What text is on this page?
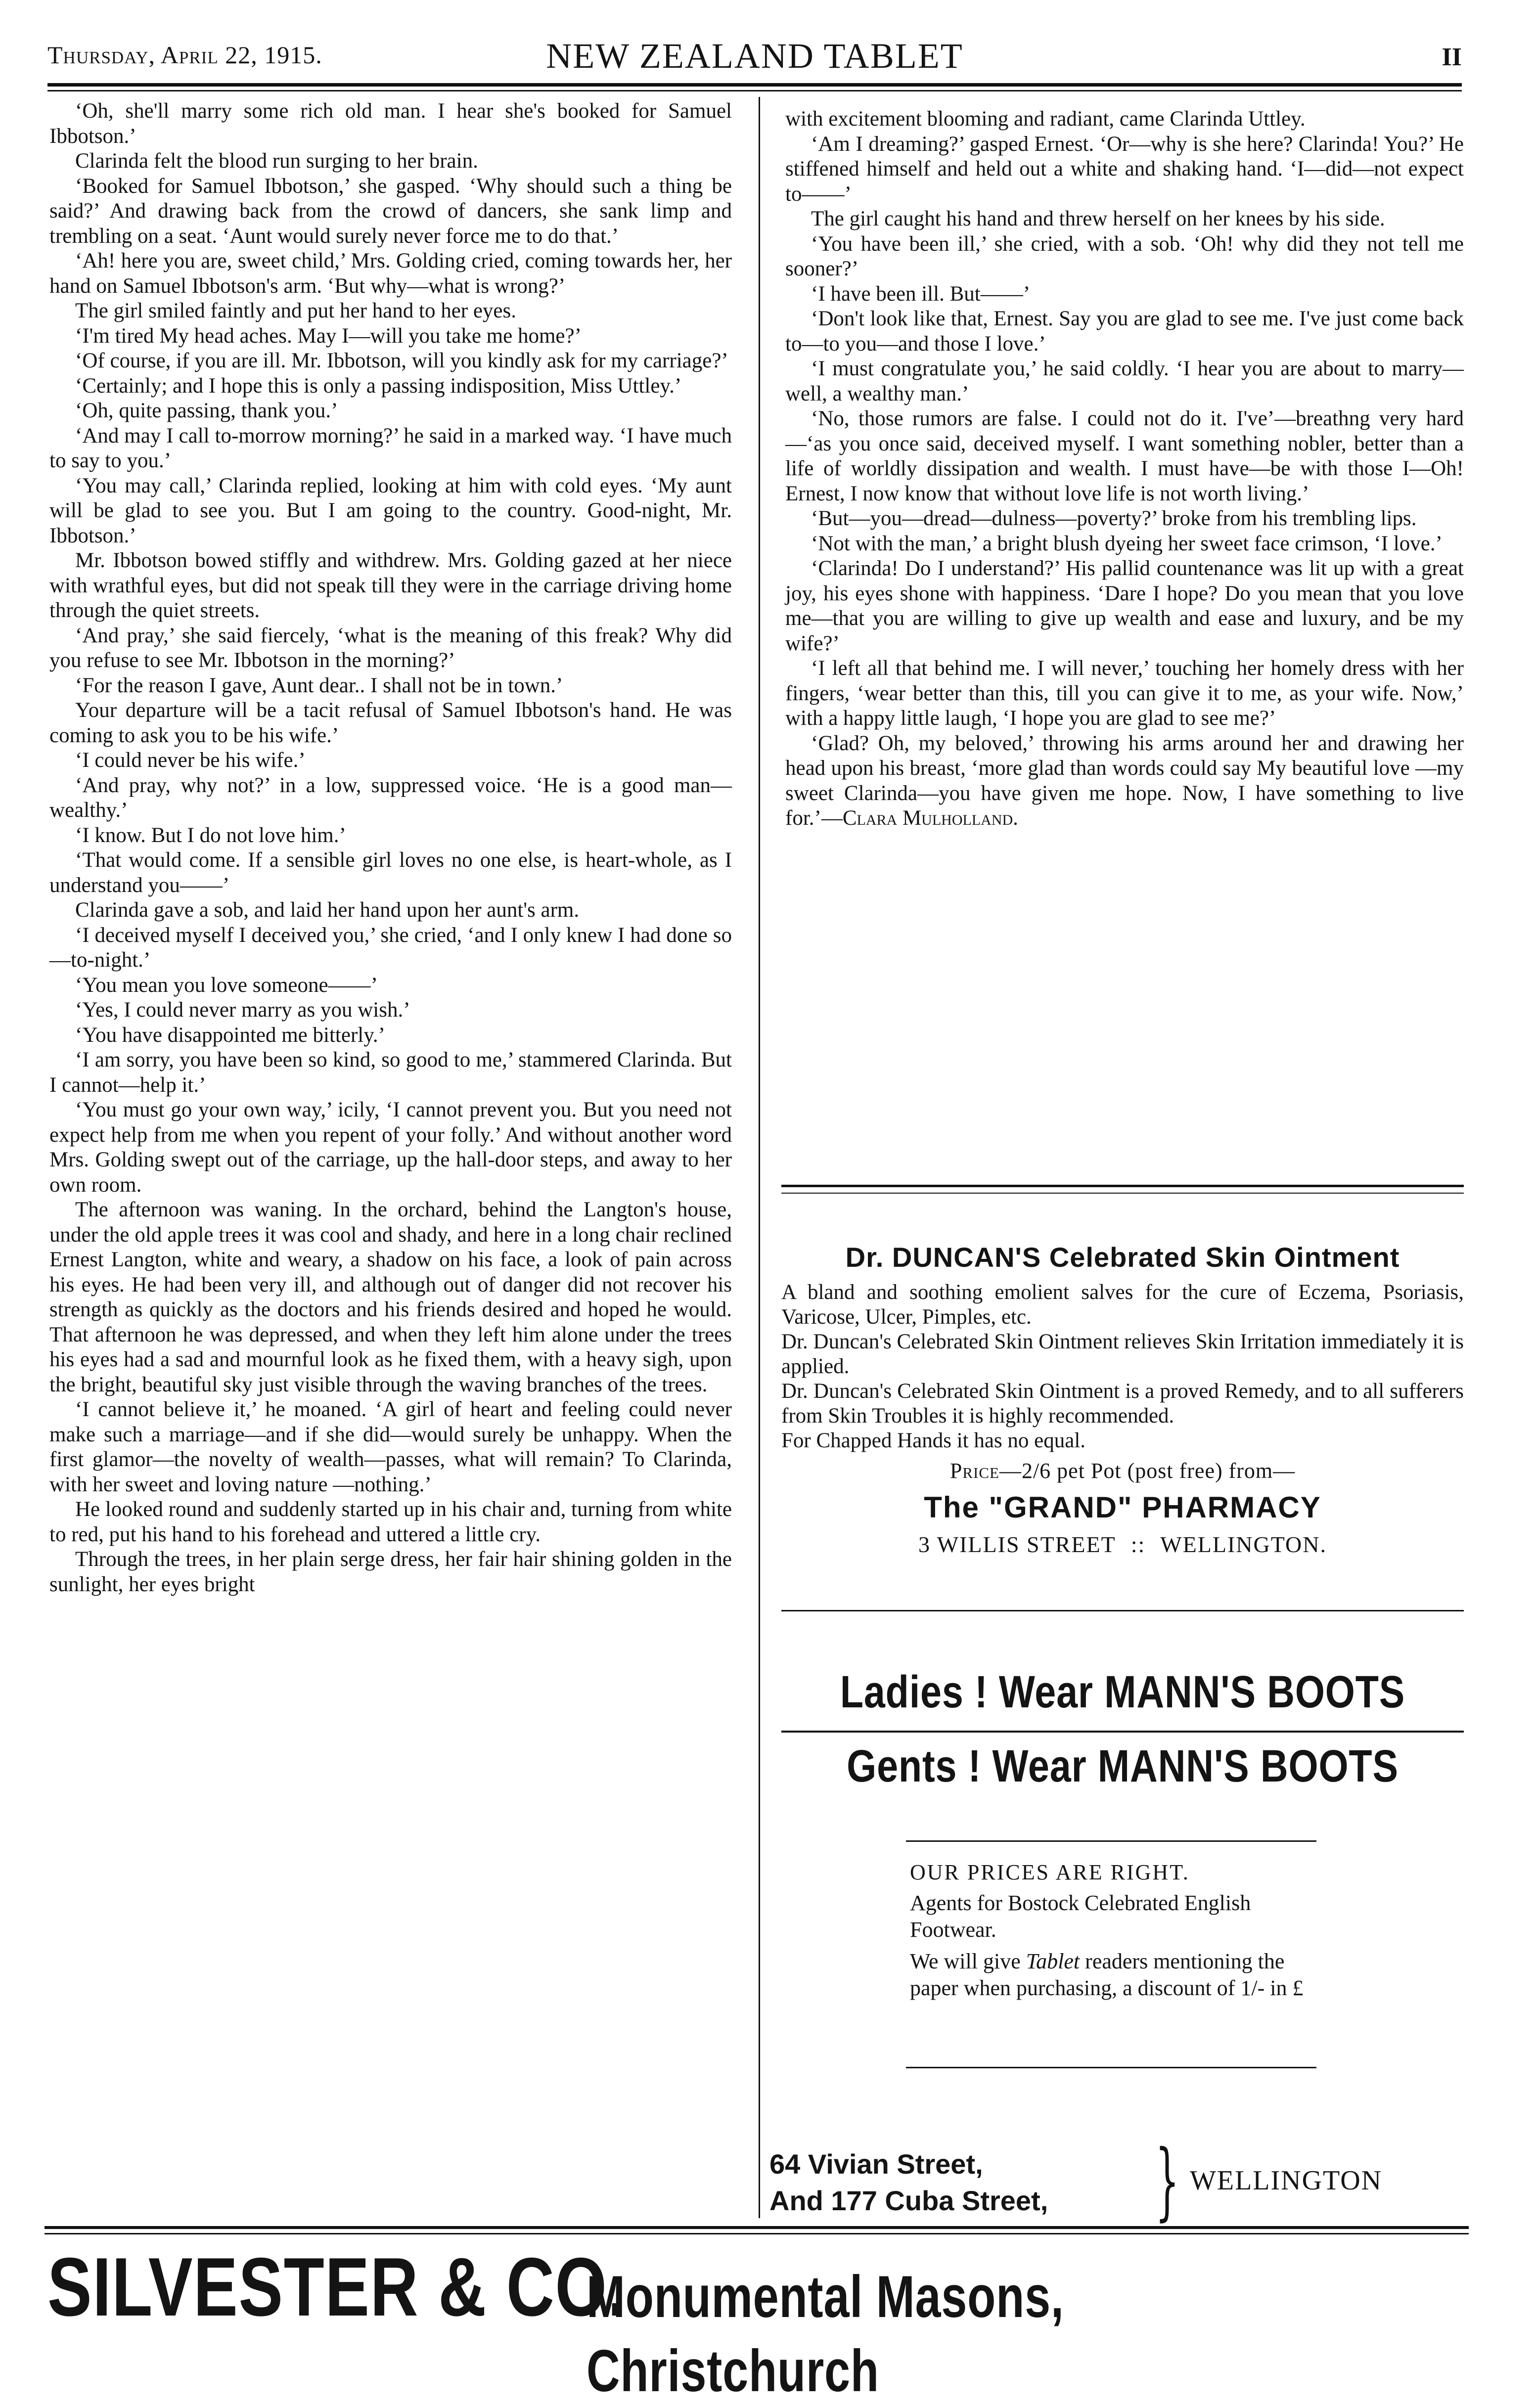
Thursday, April 22, 1915.	NEW ZEALAND TABLET	II

‘Oh, she'll marry some rich old man. I hear she's booked for Samuel Ibbotson.’

Clarinda felt the blood run surging to her brain.

‘Booked for Samuel Ibbotson,’ she gasped. ‘Why should such a thing be said?’ And drawing back from the crowd of dancers, she sank limp and trembling on a seat. ‘Aunt would surely never force me to do that.’

‘Ah! here you are, sweet child,’ Mrs. Golding cried, coming towards her, her hand on Samuel Ibbotson's arm. ‘But why—what is wrong?’

The girl smiled faintly and put her hand to her eyes.

‘I'm tired My head aches. May I—will you take me home?’

‘Of course, if you are ill. Mr. Ibbotson, will you kindly ask for my carriage?’

‘Certainly; and I hope this is only a passing indisposition, Miss Uttley.’

‘Oh, quite passing, thank you.’

‘And may I call to-morrow morning?’ he said in a marked way. ‘I have much to say to you.’

‘You may call,’ Clarinda replied, looking at him with cold eyes. ‘My aunt will be glad to see you. But I am going to the country. Good-night, Mr. Ibbotson.’

Mr. Ibbotson bowed stiffly and withdrew. Mrs. Golding gazed at her niece with wrathful eyes, but did not speak till they were in the carriage driving home through the quiet streets.

‘And pray,’ she said fiercely, ‘what is the meaning of this freak? Why did you refuse to see Mr. Ibbotson in the morning?’

‘For the reason I gave, Aunt dear.. I shall not be in town.’

Your departure will be a tacit refusal of Samuel Ibbotson's hand. He was coming to ask you to be his wife.’

‘I could never be his wife.’

‘And pray, why not?’ in a low, suppressed voice. ‘He is a good man—wealthy.’

‘I know. But I do not love him.’

‘That would come. If a sensible girl loves no one else, is heart-whole, as I understand you——’

Clarinda gave a sob, and laid her hand upon her aunt's arm.

‘I deceived myself I deceived you,’ she cried, ‘and I only knew I had done so—to-night.’

‘You mean you love someone——’

‘Yes, I could never marry as you wish.’

‘You have disappointed me bitterly.’

‘I am sorry, you have been so kind, so good to me,’ stammered Clarinda. But I cannot—help it.’

‘You must go your own way,’ icily, ‘I cannot prevent you. But you need not expect help from me when you repent of your folly.’ And without another word Mrs. Golding swept out of the carriage, up the hall-door steps, and away to her own room.

The afternoon was waning. In the orchard, behind the Langton's house, under the old apple trees it was cool and shady, and here in a long chair reclined Ernest Langton, white and weary, a shadow on his face, a look of pain across his eyes. He had been very ill, and although out of danger did not recover his strength as quickly as the doctors and his friends desired and hoped he would. That afternoon he was depressed, and when they left him alone under the trees his eyes had a sad and mournful look as he fixed them, with a heavy sigh, upon the bright, beautiful sky just visible through the waving branches of the trees.

‘I cannot believe it,’ he moaned. ‘A girl of heart and feeling could never make such a marriage—and if she did—would surely be unhappy. When the first glamor—the novelty of wealth—passes, what will remain? To Clarinda, with her sweet and loving nature —nothing.’

He looked round and suddenly started up in his chair and, turning from white to red, put his hand to his forehead and uttered a little cry.

Through the trees, in her plain serge dress, her fair hair shining golden in the sunlight, her eyes bright

with excitement blooming and radiant, came Clarinda Uttley.

‘Am I dreaming?’ gasped Ernest. ‘Or—why is she here? Clarinda! You?’ He stiffened himself and held out a white and shaking hand. ‘I—did—not expect to——’

The girl caught his hand and threw herself on her knees by his side.

‘You have been ill,’ she cried, with a sob. ‘Oh! why did they not tell me sooner?’

‘I have been ill. But——’

‘Don't look like that, Ernest. Say you are glad to see me. I've just come back to—to you—and those I love.’

‘I must congratulate you,’ he said coldly. ‘I hear you are about to marry—well, a wealthy man.’

‘No, those rumors are false. I could not do it. I've’—breathng very hard—‘as you once said, deceived myself. I want something nobler, better than a life of worldly dissipation and wealth. I must have—be with those I—Oh! Ernest, I now know that without love life is not worth living.’

‘But—you—dread—dulness—poverty?’ broke from his trembling lips.

‘Not with the man,’ a bright blush dyeing her sweet face crimson, ‘I love.’

‘Clarinda! Do I understand?’ His pallid countenance was lit up with a great joy, his eyes shone with happiness. ‘Dare I hope? Do you mean that you love me—that you are willing to give up wealth and ease and luxury, and be my wife?’

‘I left all that behind me. I will never,’ touching her homely dress with her fingers, ‘wear better than this, till you can give it to me, as your wife. Now,’ with a happy little laugh, ‘I hope you are glad to see me?’

‘Glad? Oh, my beloved,’ throwing his arms around her and drawing her head upon his breast, ‘more glad than words could say My beautiful love —my sweet Clarinda—you have given me hope. Now, I have something to live for.’—Clara Mulholland.

Dr. DUNCAN'S Celebrated Skin Ointment
A bland and soothing emolient salves for the cure of Eczema, Psoriasis, Varicose, Ulcer, Pimples, etc.
Dr. Duncan's Celebrated Skin Ointment relieves Skin Irritation immediately it is applied.
Dr. Duncan's Celebrated Skin Ointment is a proved Remedy, and to all sufferers from Skin Troubles it is highly recommended.
For Chapped Hands it has no equal.
Price—2/6 pet Pot (post free) from—
The "GRAND" PHARMACY
3 WILLIS STREET :: WELLINGTON.
Ladies ! Wear MANN'S BOOTS
Gents ! Wear MANN'S BOOTS
OUR PRICES ARE RIGHT.
Agents for Bostock Celebrated English Footwear.
We will give Tablet readers mentioning the paper when purchasing, a discount of 1/- in £
64 Vivian Street,
And 177 Cuba Street, } WELLINGTON
SILVESTER & CO.
Monumental Masons, Christchurch
